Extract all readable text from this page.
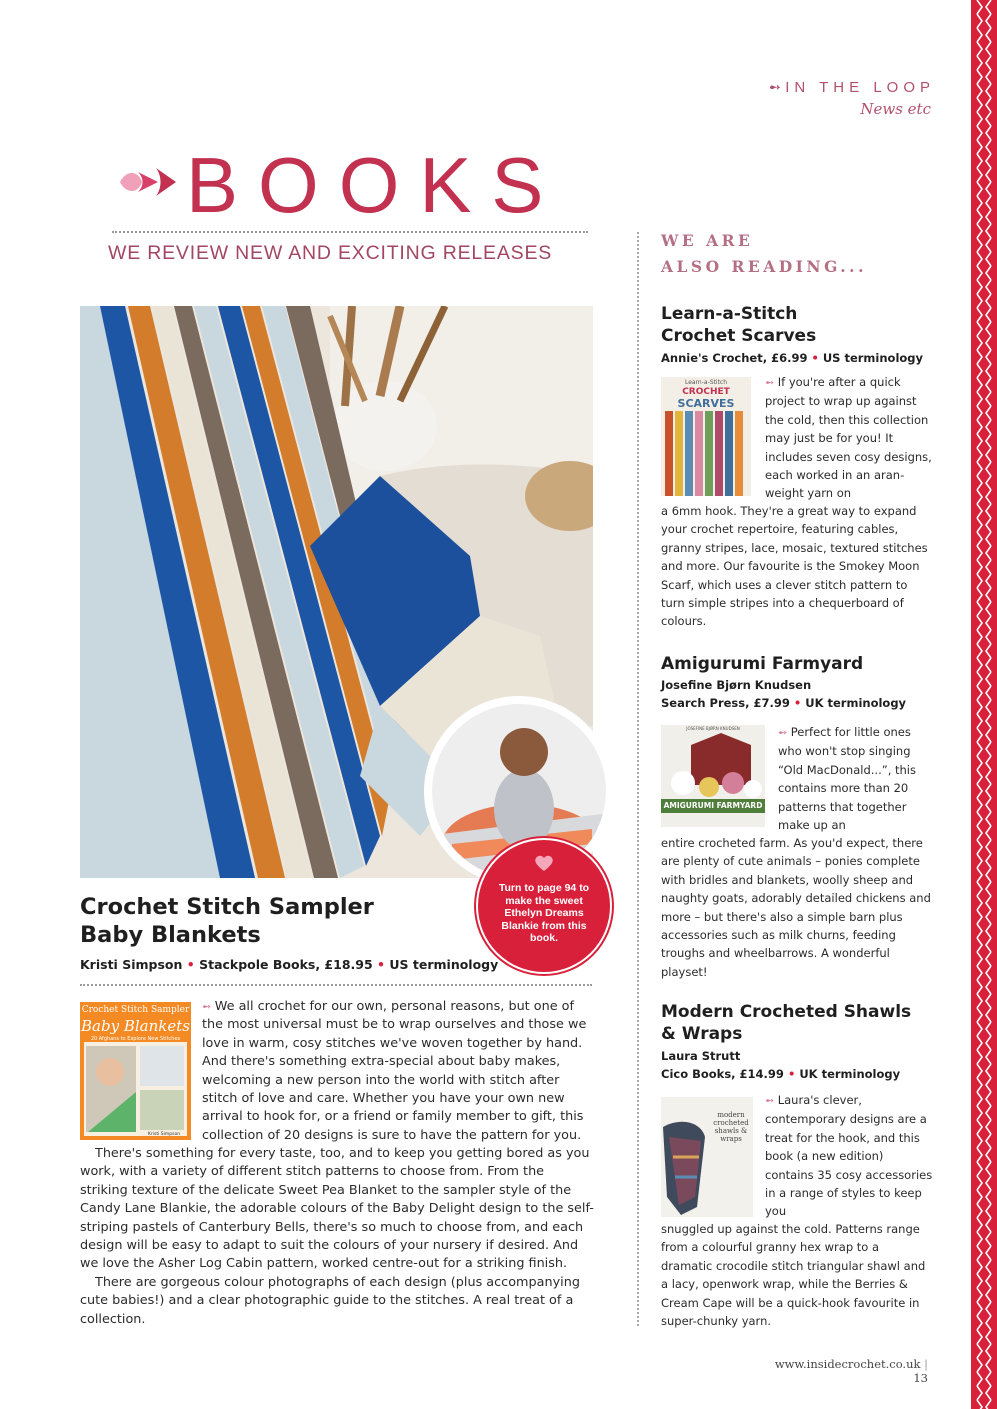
➻ IN THE LOOP
News etc
BOOKS
WE REVIEW NEW AND EXCITING RELEASES
Turn to page 94 to make the sweet Ethelyn Dreams Blankie from this book.
Crochet Stitch Sampler
Baby Blankets
Kristi Simpson • Stackpole Books, £18.95 • US terminology
Crochet Stitch Sampler
Baby Blankets
20 Afghans to Explore New Stitches
Kristi Simpson
➻ We all crochet for our own, personal reasons, but one of the most universal must be to wrap ourselves and those we love in warm, cosy stitches we've woven together by hand. And there's something extra-special about baby makes, welcoming a new person into the world with stitch after stitch of love and care. Whether you have your own new arrival to hook for, or a friend or family member to gift, this collection of 20 designs is sure to have the pattern for you.

There's something for every taste, too, and to keep you getting bored as you work, with a variety of different stitch patterns to choose from. From the striking texture of the delicate Sweet Pea Blanket to the sampler style of the Candy Lane Blankie, the adorable colours of the Baby Delight design to the self-striping pastels of Canterbury Bells, there's so much to choose from, and each design will be easy to adapt to suit the colours of your nursery if desired. And we love the Asher Log Cabin pattern, worked centre-out for a striking finish.

There are gorgeous colour photographs of each design (plus accompanying cute babies!) and a clear photographic guide to the stitches. A real treat of a collection.

WE ARE
ALSO READING...
Learn-a-Stitch
Crochet Scarves
Annie's Crochet, £6.99 • US terminology
Learn-a-Stitch
CROCHET
SCARVES
➻ If you're after a quick project to wrap up against the cold, then this collection may just be for you! It includes seven cosy designs, each worked in an aran-weight yarn on
a 6mm hook. They're a great way to expand your crochet repertoire, featuring cables, granny stripes, lace, mosaic, textured stitches and more. Our favourite is the Smokey Moon Scarf, which uses a clever stitch pattern to turn simple stripes into a chequerboard of colours.
Amigurumi Farmyard
Josefine Bjørn Knudsen
Search Press, £7.99 • UK terminology
JOSEFINE BJØRN KNUDSEN
AMIGURUMI FARMYARD
➻ Perfect for little ones who won't stop singing “Old MacDonald...”, this contains more than 20 patterns that together make up an
entire crocheted farm. As you'd expect, there are plenty of cute animals – ponies complete with bridles and blankets, woolly sheep and naughty goats, adorably detailed chickens and more – but there's also a simple barn plus accessories such as milk churns, feeding troughs and wheelbarrows. A wonderful playset!
Modern Crocheted Shawls
& Wraps
Laura Strutt
Cico Books, £14.99 • UK terminology
modern crocheted shawls & wraps
➻ Laura's clever, contemporary designs are a treat for the hook, and this book (a new edition) contains 35 cosy accessories in a range of styles to keep you
snuggled up against the cold. Patterns range from a colourful granny hex wrap to a dramatic crocodile stitch triangular shawl and a lacy, openwork wrap, while the Berries & Cream Cape will be a quick-hook favourite in super-chunky yarn.
www.insidecrochet.co.uk | 13
